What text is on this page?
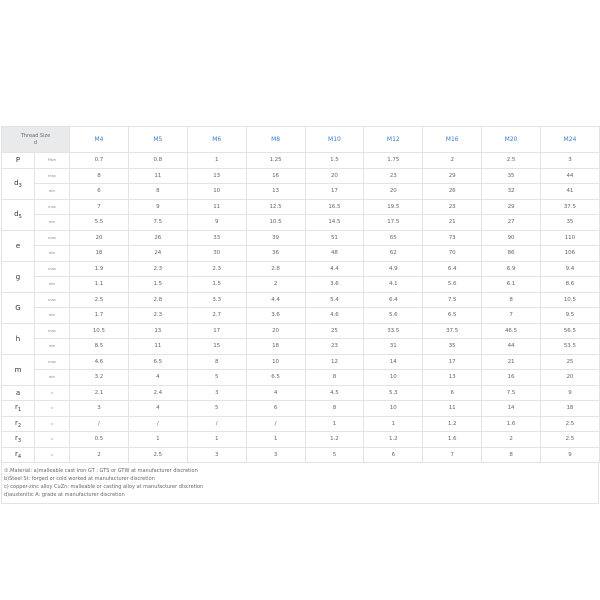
Thread Size
d		M4	M5	M6	M8	M10	M12	M16	M20	M24
P	Pitch	0.7	0.8	1	1.25	1.5	1.75	2	2.5	3
$d_3$	max	8	11	13	16	20	23	29	35	44
	min	6	8	10	13	17	20	26	32	41
$d_5$	max	7	9	11	12.5	16.5	19.5	23	29	37.5
	min	5.5	7.5	9	10.5	14.5	17.5	21	27	35
e	max	20	26	33	39	51	65	73	90	110
	min	18	24	30	36	48	62	70	86	106
g	max	1.9	2.3	2.3	2.8	4.4	4.9	6.4	6.9	9.4
	min	1.1	1.5	1.5	2	3.6	4.1	5.6	6.1	8.6
G	max	2.5	2.8	3.3	4.4	5.4	6.4	7.5	8	10.5
	min	1.7	2.3	2.7	3.6	4.6	5.6	6.5	7	9.5
h	max	10.5	13	17	20	25	33.5	37.5	46.5	56.5
	min	8.5	11	15	18	23	31	35	44	53.5
m	max	4.6	6.5	8	10	12	14	17	21	25
	min	3.2	4	5	6.5	8	10	13	16	20
a	≈	2.1	2.4	3	4	4.5	5.3	6	7.5	9
$r_1$	≈	3	4	5	6	8	10	11	14	18
$r_2$	≈	/	/	/	/	1	1	1.2	1.6	2.5
$r_3$	≈	0.5	1	1	1	1.2	1.2	1.6	2	2.5
$r_4$	≈	2	2.5	3	3	5	6	7	8	9
①.Material: a)malleable cast iron GT : GTS or GTW at manufacturer discretion
b)Steel St: forged or cold worked at manufacturer discretion
c) copper-zinc alloy CuZn: malleable or casting alloy at manufacturer discretion
d)austenitic A: grade at manufacturer discretion
